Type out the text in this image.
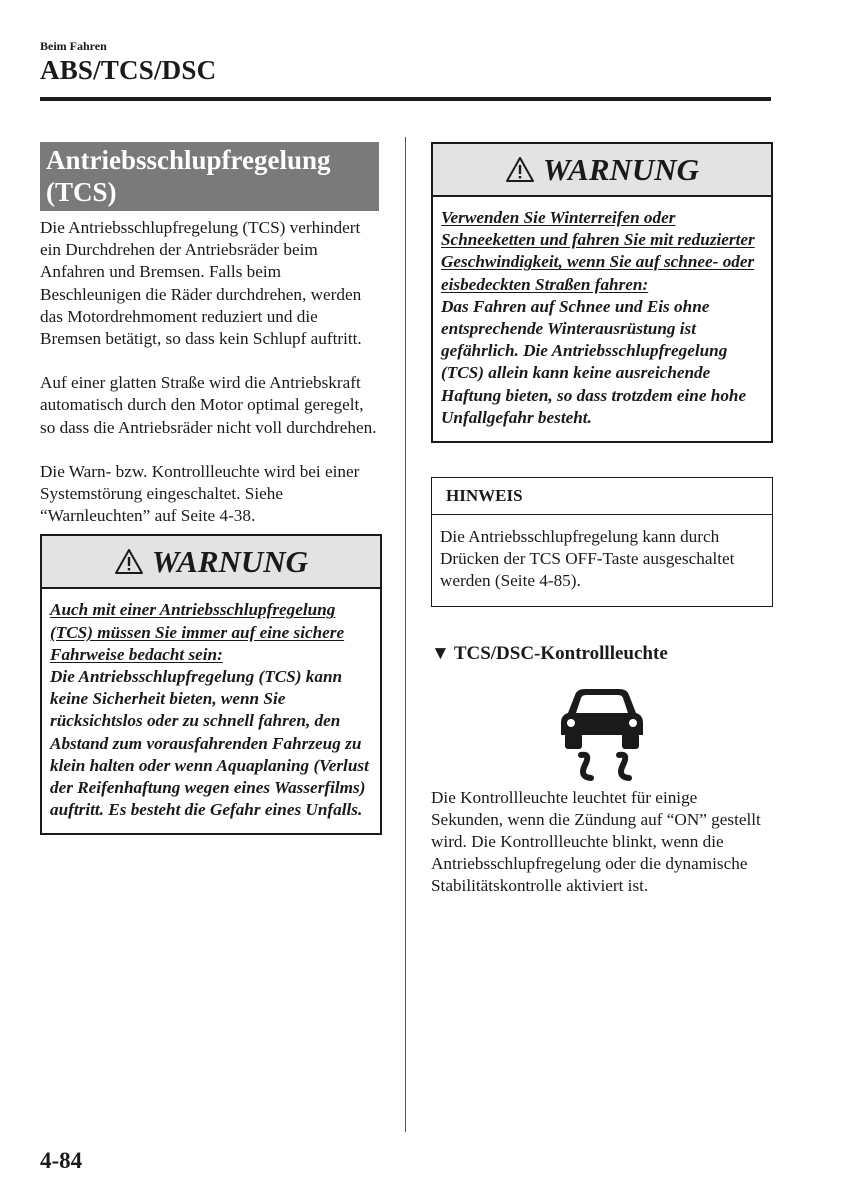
Beim Fahren
ABS/TCS/DSC
Antriebsschlupfregelung (TCS)

Die Antriebsschlupfregelung (TCS) verhindert ein Durchdrehen der Antriebsräder beim Anfahren und Bremsen. Falls beim Beschleunigen die Räder durchdrehen, werden das Motordrehmoment reduziert und die Bremsen betätigt, so dass kein Schlupf auftritt.

Auf einer glatten Straße wird die Antriebskraft automatisch durch den Motor optimal geregelt, so dass die Antriebsräder nicht voll durchdrehen.

Die Warn- bzw. Kontrollleuchte wird bei einer Systemstörung eingeschaltet. Siehe “Warnleuchten” auf Seite 4-38.

WARNUNG
Auch mit einer Antriebsschlupfregelung (TCS) müssen Sie immer auf eine sichere Fahrweise bedacht sein:
Die Antriebsschlupfregelung (TCS) kann keine Sicherheit bieten, wenn Sie rücksichtslos oder zu schnell fahren, den Abstand zum vorausfahrenden Fahrzeug zu klein halten oder wenn Aquaplaning (Verlust der Reifenhaftung wegen eines Wasserfilms) auftritt. Es besteht die Gefahr eines Unfalls.
WARNUNG
Verwenden Sie Winterreifen oder Schneeketten und fahren Sie mit reduzierter Geschwindigkeit, wenn Sie auf schnee- oder eisbedeckten Straßen fahren:
Das Fahren auf Schnee und Eis ohne entsprechende Winterausrüstung ist gefährlich. Die Antriebsschlupfregelung (TCS) allein kann keine ausreichende Haftung bieten, so dass trotzdem eine hohe Unfallgefahr besteht.
HINWEIS
Die Antriebsschlupfregelung kann durch Drücken der TCS OFF-Taste ausgeschaltet werden (Seite 4-85).
▼ TCS/DSC-Kontrollleuchte

Die Kontrollleuchte leuchtet für einige Sekunden, wenn die Zündung auf “ON” gestellt wird. Die Kontrollleuchte blinkt, wenn die Antriebsschlupfregelung oder die dynamische Stabilitätskontrolle aktiviert ist.

4-84
